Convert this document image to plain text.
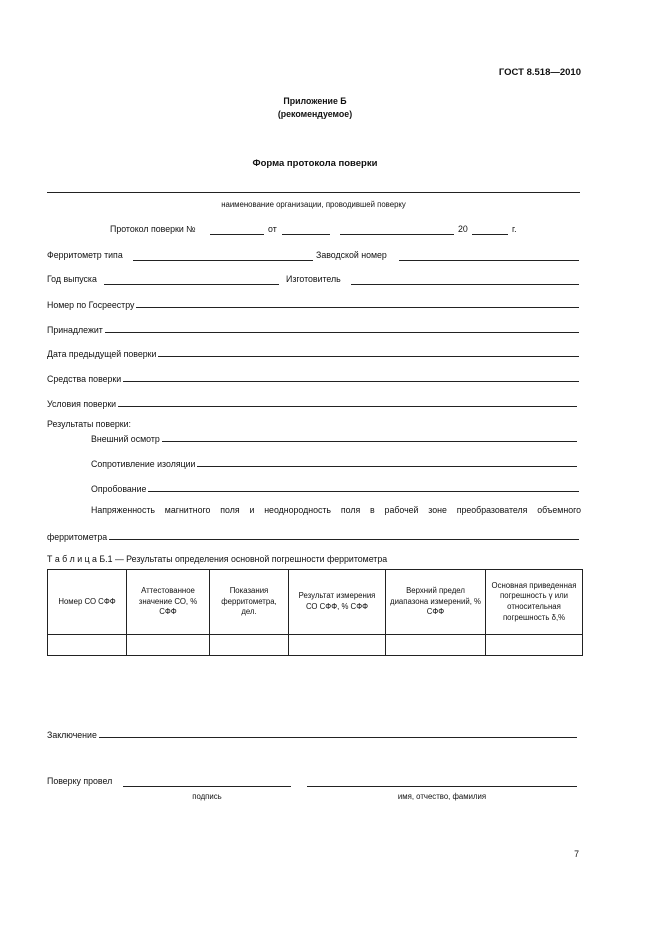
ГОСТ 8.518—2010
Приложение Б
(рекомендуемое)
Форма протокола поверки
наименование организации, проводившей поверку
Протокол поверки №	от	20	г.
Ферритометр типа	Заводской номер
Год выпуска	Изготовитель
Номер по Госреестру
Принадлежит
Дата предыдущей поверки
Средства поверки
Условия поверки
Результаты поверки:
Внешний осмотр
Сопротивление изоляции
Опробование
Напряженность магнитного поля и неоднородность поля в рабочей зоне преобразователя объемного
ферритометра
Т а б л и ц а Б.1 — Результаты определения основной погрешности ферритометра
Номер СО СФФ	Аттестованное значение СО, % СФФ	Показания ферритометра, дел.	Результат измерения СО СФФ, % СФФ	Верхний предел диапазона измерений, % СФФ	Основная приведенная погрешность γ или относительная погрешность δ,%

Заключение
Поверку провел
подпись	имя, отчество, фамилия
7
